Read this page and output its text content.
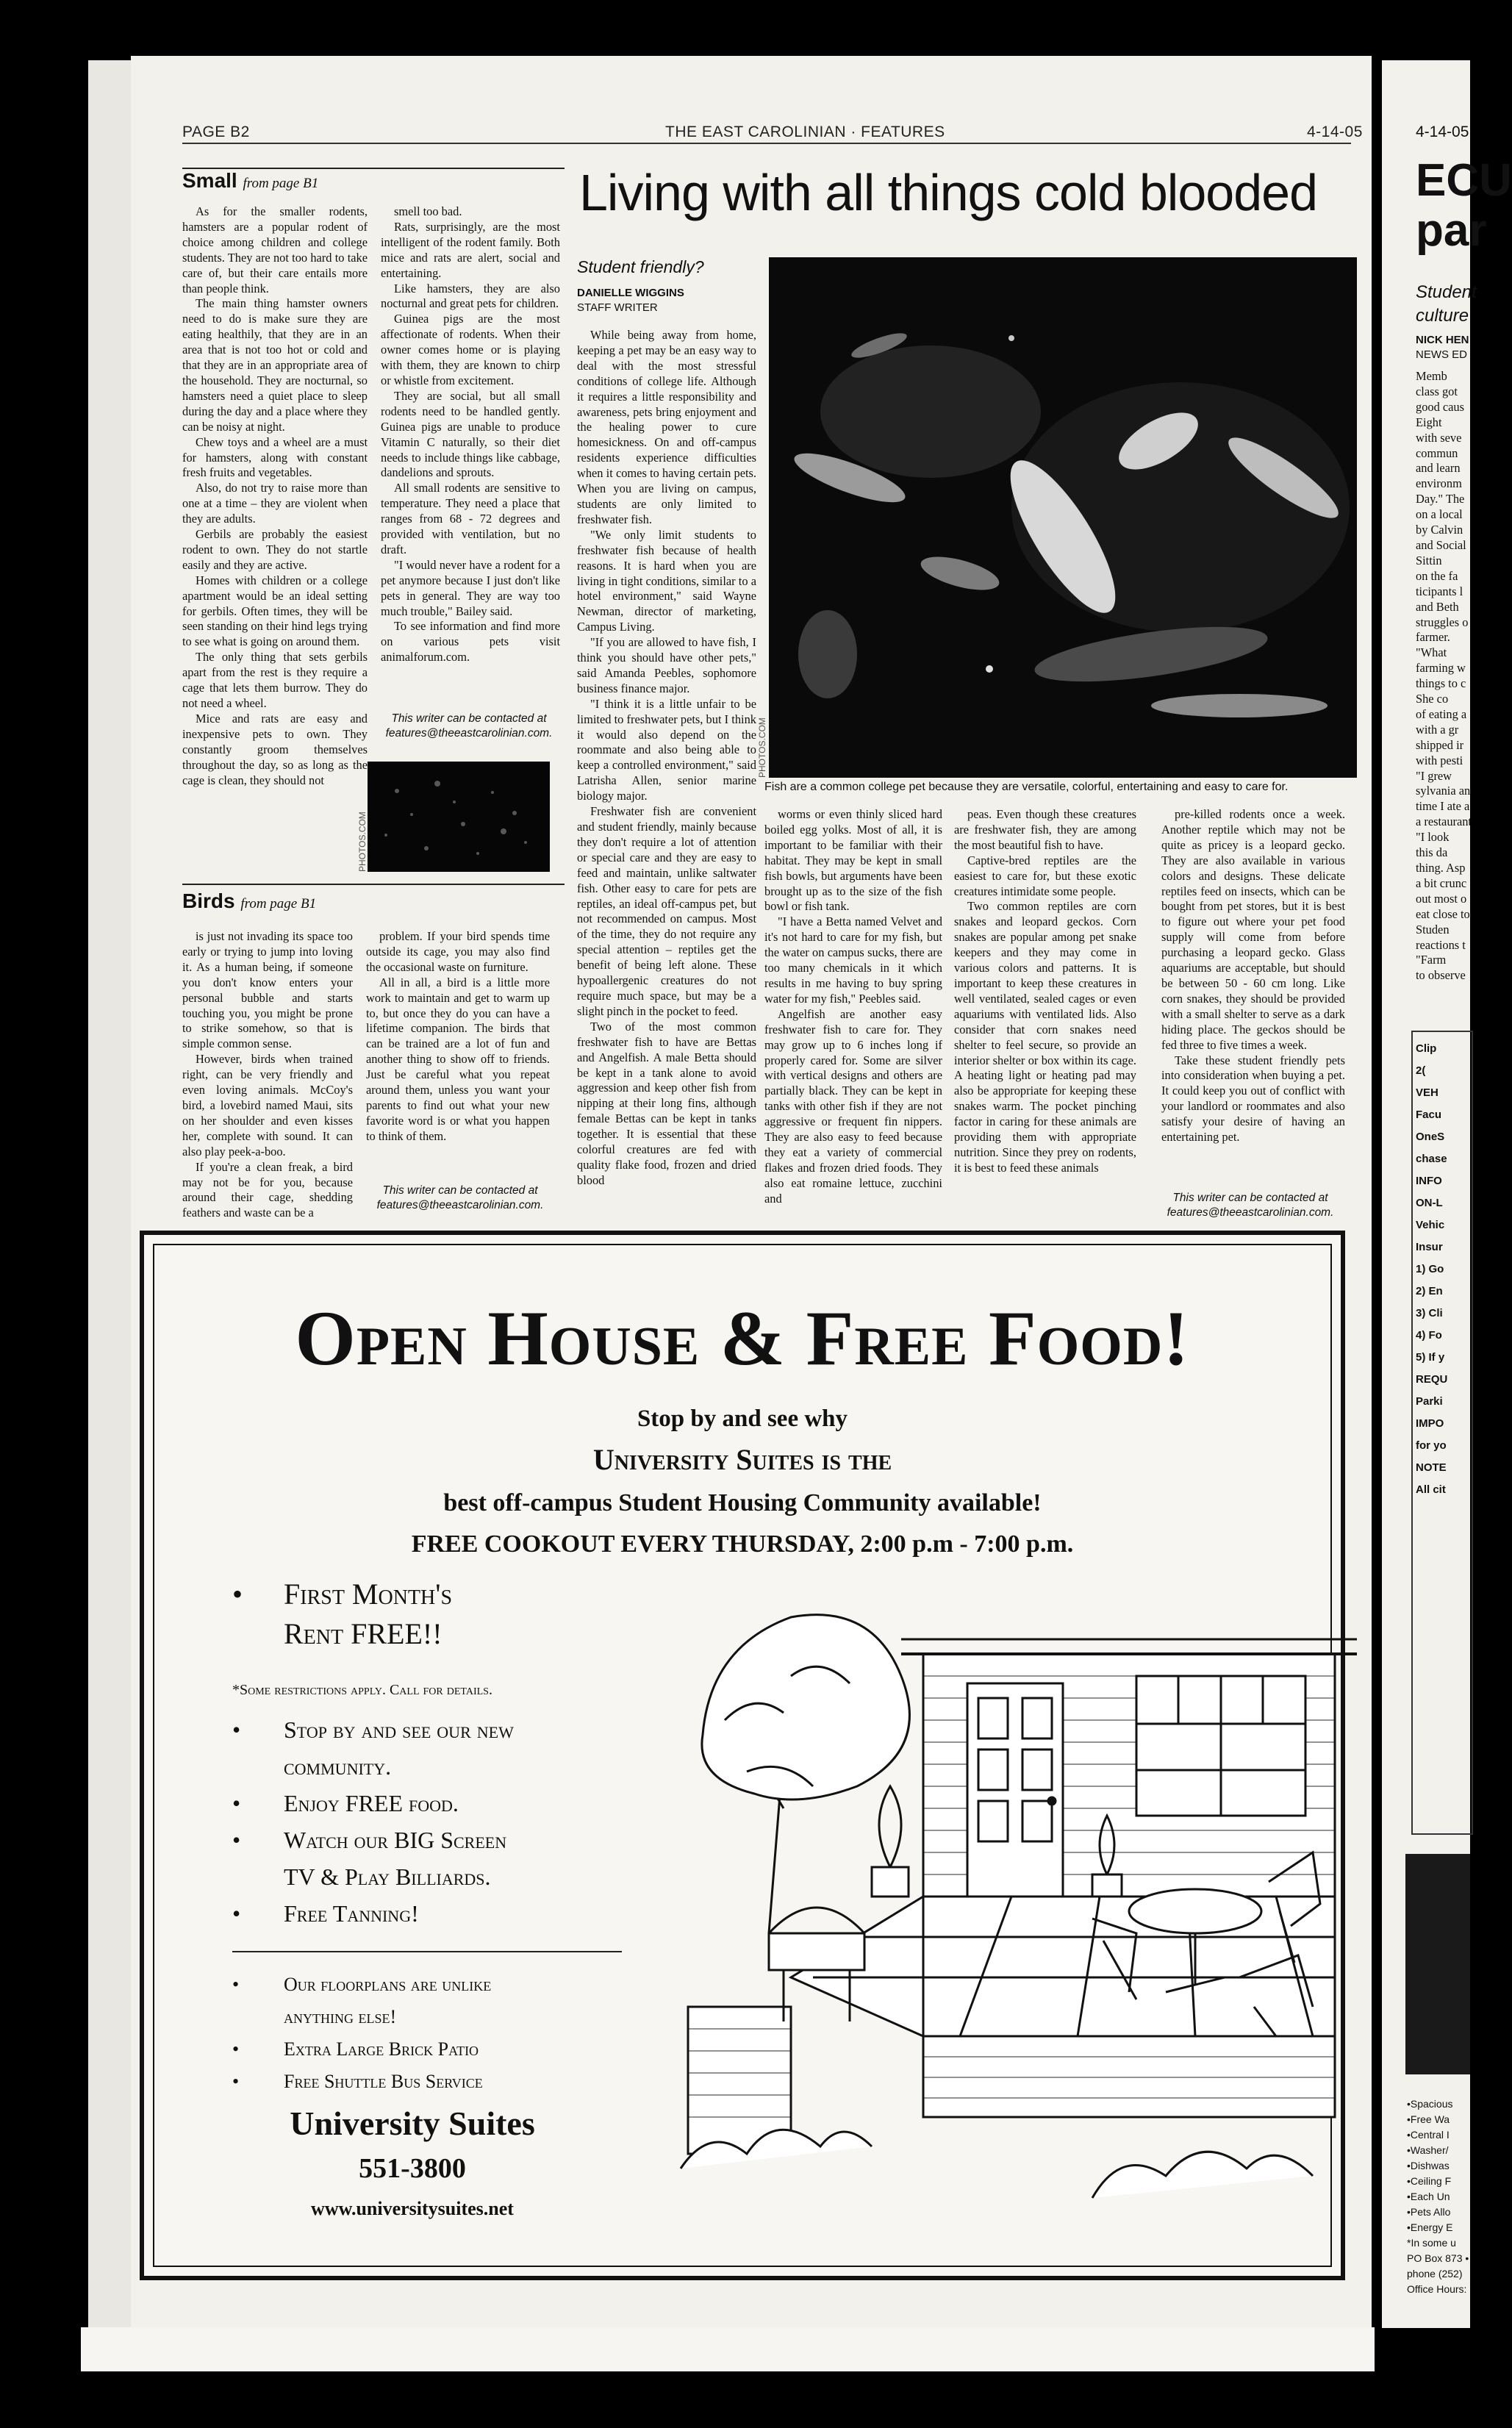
PAGE B2	THE EAST CAROLINIAN · FEATURES	4-14-05
Small from page B1

As for the smaller rodents, hamsters are a popular rodent of choice among children and college students. They are not too hard to take care of, but their care entails more than people think.

The main thing hamster owners need to do is make sure they are eating healthily, that they are in an area that is not too hot or cold and that they are in an appropriate area of the household. They are nocturnal, so hamsters need a quiet place to sleep during the day and a place where they can be noisy at night.

Chew toys and a wheel are a must for hamsters, along with constant fresh fruits and vegetables.

Also, do not try to raise more than one at a time – they are violent when they are adults.

Gerbils are probably the easiest rodent to own. They do not startle easily and they are active.

Homes with children or a college apartment would be an ideal setting for gerbils. Often times, they will be seen standing on their hind legs trying to see what is going on around them.

The only thing that sets gerbils apart from the rest is they require a cage that lets them burrow. They do not need a wheel.

Mice and rats are easy and inexpensive pets to own. They constantly groom themselves throughout the day, so as long as the cage is clean, they should not

smell too bad.

Rats, surprisingly, are the most intelligent of the rodent family. Both mice and rats are alert, social and entertaining.

Like hamsters, they are also nocturnal and great pets for children.

Guinea pigs are the most affectionate of rodents. When their owner comes home or is playing with them, they are known to chirp or whistle from excitement.

They are social, but all small rodents need to be handled gently. Guinea pigs are unable to produce Vitamin C naturally, so their diet needs to include things like cabbage, dandelions and sprouts.

All small rodents are sensitive to temperature. They need a place that ranges from 68 - 72 degrees and provided with ventilation, but no draft.

"I would never have a rodent for a pet anymore because I just don't like pets in general. They are way too much trouble," Bailey said.

To see information and find more on various pets visit animalforum.com.

This writer can be contacted at
features@theeastcarolinian.com.
PHOTOS.COM
Birds from page B1

is just not invading its space too early or trying to jump into loving it. As a human being, if someone you don't know enters your personal bubble and starts touching you, you might be prone to strike somehow, so that is simple common sense.

However, birds when trained right, can be very friendly and even loving animals. McCoy's bird, a lovebird named Maui, sits on her shoulder and even kisses her, complete with sound. It can also play peek-a-boo.

If you're a clean freak, a bird may not be for you, because around their cage, shedding feathers and waste can be a

problem. If your bird spends time outside its cage, you may also find the occasional waste on furniture.

All in all, a bird is a little more work to maintain and get to warm up to, but once they do you can have a lifetime companion. The birds that can be trained are a lot of fun and another thing to show off to friends. Just be careful what you repeat around them, unless you want your parents to find out what your new favorite word is or what you happen to think of them.

This writer can be contacted at
features@theeastcarolinian.com.
Living with all things cold blooded
Student friendly?
DANIELLE WIGGINS
STAFF WRITER
PHOTOS.COM
Fish are a common college pet because they are versatile, colorful, entertaining and easy to care for.

While being away from home, keeping a pet may be an easy way to deal with the most stressful conditions of college life. Although it requires a little responsibility and awareness, pets bring enjoyment and the healing power to cure homesickness. On and off-campus residents experience difficulties when it comes to having certain pets. When you are living on campus, students are only limited to freshwater fish.

"We only limit students to freshwater fish because of health reasons. It is hard when you are living in tight conditions, similar to a hotel environment," said Wayne Newman, director of marketing, Campus Living.

"If you are allowed to have fish, I think you should have other pets," said Amanda Peebles, sophomore business finance major.

"I think it is a little unfair to be limited to freshwater pets, but I think it would also depend on the roommate and also being able to keep a controlled environment," said Latrisha Allen, senior marine biology major.

Freshwater fish are convenient and student friendly, mainly because they don't require a lot of attention or special care and they are easy to feed and maintain, unlike saltwater fish. Other easy to care for pets are reptiles, an ideal off-campus pet, but not recommended on campus. Most of the time, they do not require any special attention – reptiles get the benefit of being left alone. These hypoallergenic creatures do not require much space, but may be a slight pinch in the pocket to feed.

Two of the most common freshwater fish to have are Bettas and Angelfish. A male Betta should be kept in a tank alone to avoid aggression and keep other fish from nipping at their long fins, although female Bettas can be kept in tanks together. It is essential that these colorful creatures are fed with quality flake food, frozen and dried blood

worms or even thinly sliced hard boiled egg yolks. Most of all, it is important to be familiar with their habitat. They may be kept in small fish bowls, but arguments have been brought up as to the size of the fish bowl or fish tank.

"I have a Betta named Velvet and it's not hard to care for my fish, but the water on campus sucks, there are too many chemicals in it which results in me having to buy spring water for my fish," Peebles said.

Angelfish are another easy freshwater fish to care for. They may grow up to 6 inches long if properly cared for. Some are silver with vertical designs and others are partially black. They can be kept in tanks with other fish if they are not aggressive or frequent fin nippers. They are also easy to feed because they eat a variety of commercial flakes and frozen dried foods. They also eat romaine lettuce, zucchini and

peas. Even though these creatures are freshwater fish, they are among the most beautiful fish to have.

Captive-bred reptiles are the easiest to care for, but these exotic creatures intimidate some people.

Two common reptiles are corn snakes and leopard geckos. Corn snakes are popular among pet snake keepers and they may come in various colors and patterns. It is important to keep these creatures in well ventilated, sealed cages or even aquariums with ventilated lids. Also consider that corn snakes need shelter to feel secure, so provide an interior shelter or box within its cage. A heating light or heating pad may also be appropriate for keeping these snakes warm. The pocket pinching factor in caring for these animals are providing them with appropriate nutrition. Since they prey on rodents, it is best to feed these animals

pre-killed rodents once a week. Another reptile which may not be quite as pricey is a leopard gecko. They are also available in various colors and designs. These delicate reptiles feed on insects, which can be bought from pet stores, but it is best to figure out where your pet food supply will come from before purchasing a leopard gecko. Glass aquariums are acceptable, but should be between 50 - 60 cm long. Like corn snakes, they should be provided with a small shelter to serve as a dark hiding place. The geckos should be fed three to five times a week.

Take these student friendly pets into consideration when buying a pet. It could keep you out of conflict with your landlord or roommates and also satisfy your desire of having an entertaining pet.

This writer can be contacted at
features@theeastcarolinian.com.
Open House & Free Food!
Stop by and see why
University Suites is the
best off-campus Student Housing Community available!
FREE COOKOUT EVERY THURSDAY, 2:00 p.m - 7:00 p.m.
• First Month's
Rent FREE!!
*Some restrictions apply. Call for details.
• Stop by and see our new
community.
• Enjoy FREE food.
• Watch our BIG Screen
TV & Play Billiards.
• Free Tanning!
• Our floorplans are unlike
anything else!
• Extra Large Brick Patio
• Free Shuttle Bus Service
University Suites
551-3800
www.universitysuites.net
4-14-05
ECU
par
Student
culture
NICK HEN
NEWS ED
Memb
class got
good caus
Eight
with seve
commun
and learn
environm
Day." The
on a local
by Calvin
and Social
Sittin
on the fa
ticipants l
and Beth
struggles o
farmer.
"What
farming w
things to c
She co
of eating a
with a gr
shipped ir
with pesti
"I grew
sylvania an
time I ate a
a restaurant
"I look
this da
thing. Asp
a bit crunc
out most o
eat close to
Studen
reactions t
"Farm
to observe
Clip
2(
VEH
Facu
OneS
chase
INFO
ON-L
Vehic
Insur
1) Go
2) En
3) Cli
4) Fo
5) If y
REQU
Parki
IMPO
for yo
NOTE
All cit
•Spacious
•Free Wa
•Central I
•Washer/
•Dishwas
•Ceiling F
•Each Un
•Pets Allo
•Energy E
*In some u
PO Box 873 •
phone (252)
Office Hours:
